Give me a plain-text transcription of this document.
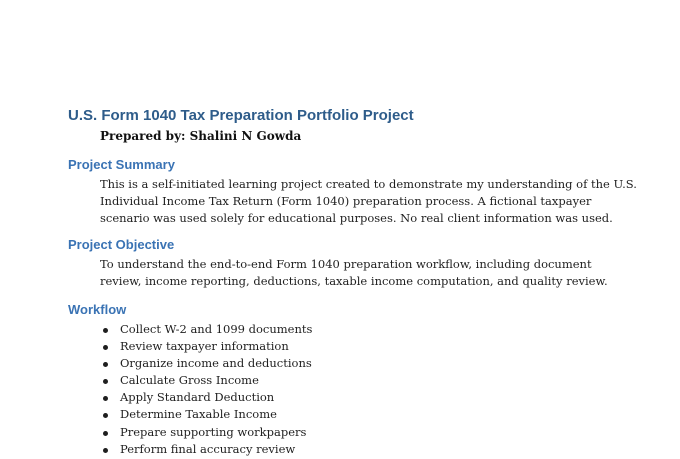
U.S. Form 1040 Tax Preparation Portfolio Project
Prepared by: Shalini N Gowda
Project Summary
This is a self-initiated learning project created to demonstrate my understanding of the U.S.
Individual Income Tax Return (Form 1040) preparation process. A fictional taxpayer
scenario was used solely for educational purposes. No real client information was used.
Project Objective
To understand the end-to-end Form 1040 preparation workflow, including document
review, income reporting, deductions, taxable income computation, and quality review.
Workflow
Collect W-2 and 1099 documents
Review taxpayer information
Organize income and deductions
Calculate Gross Income
Apply Standard Deduction
Determine Taxable Income
Prepare supporting workpapers
Perform final accuracy review
